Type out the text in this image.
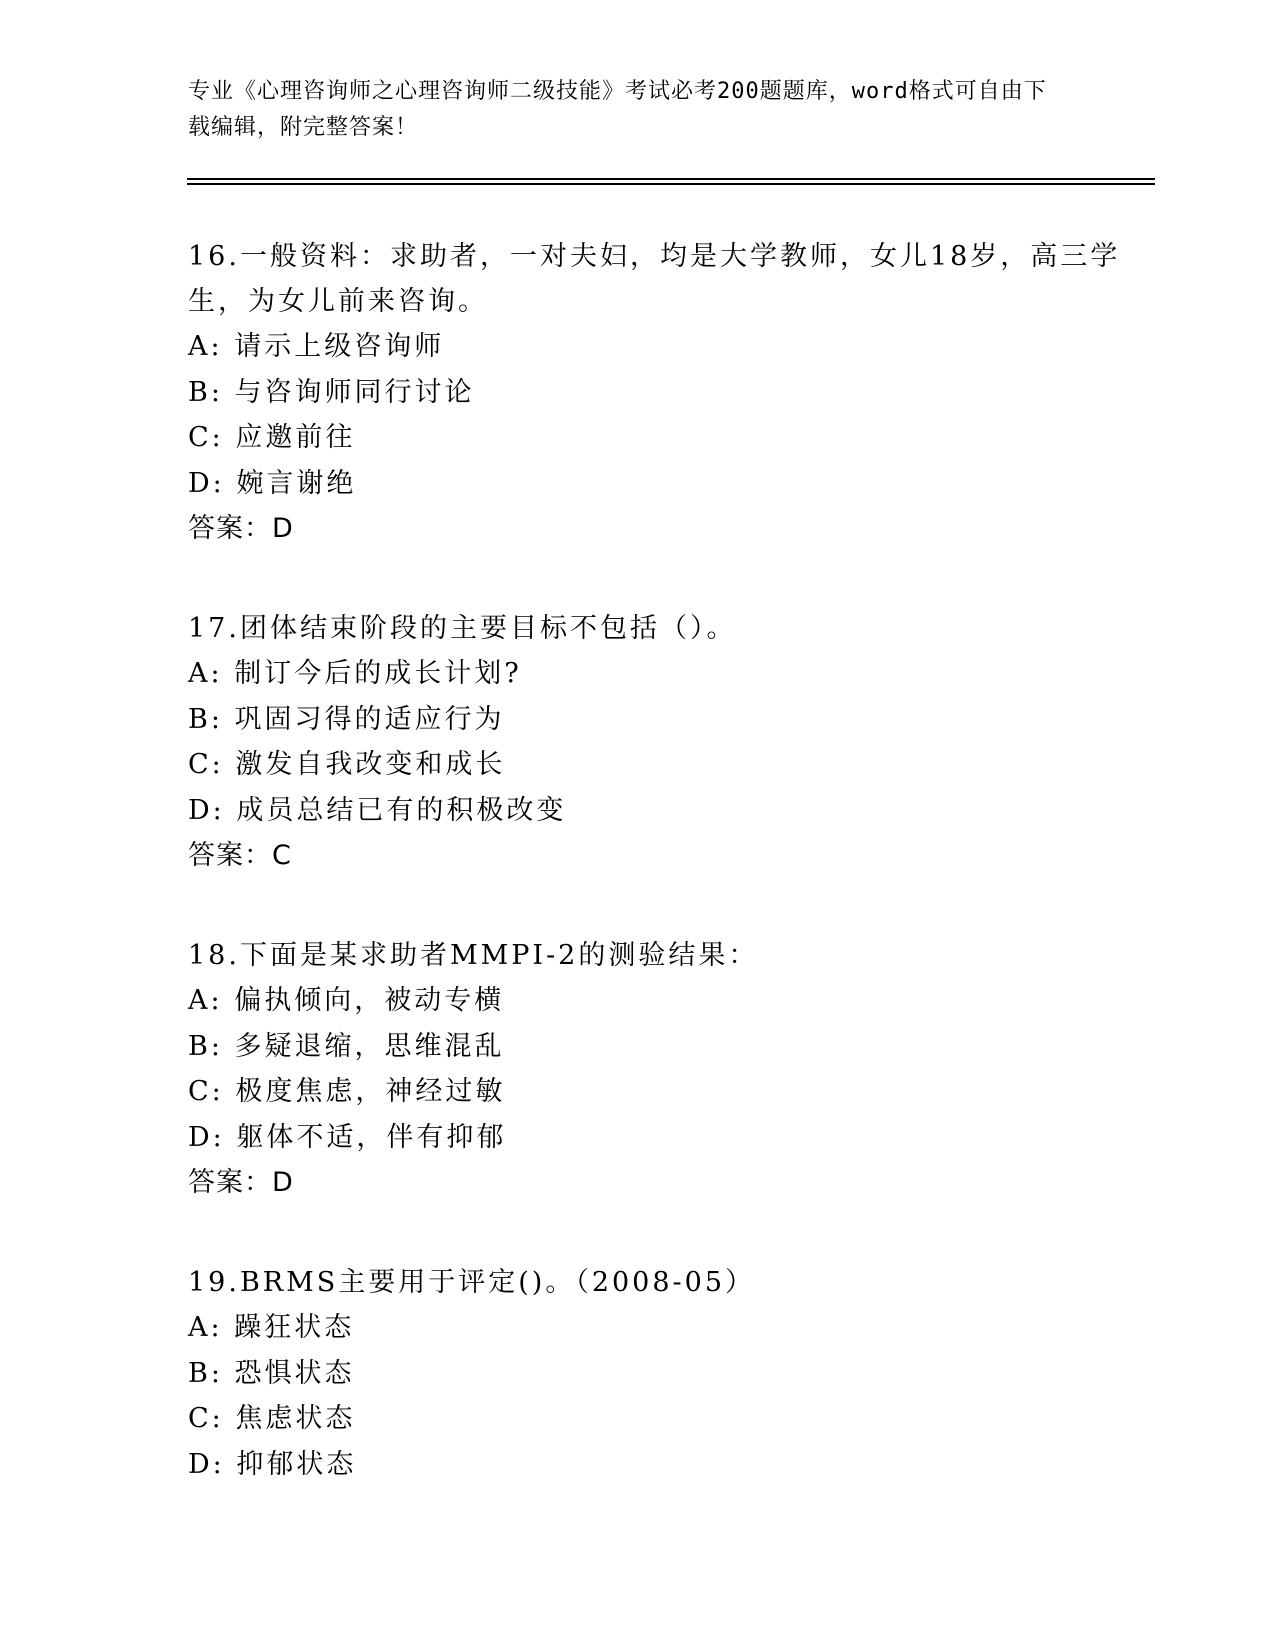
专业《心理咨询师之心理咨询师二级技能》考试必考200题题库，word格式可自由下载编辑，附完整答案！
16.一般资料：求助者，一对夫妇，均是大学教师，女儿18岁，高三学生，为女儿前来咨询。
A: 请示上级咨询师
B: 与咨询师同行讨论
C: 应邀前往
D: 婉言谢绝
答案：D
17.团体结束阶段的主要目标不包括（）。
A: 制订今后的成长计划?
B: 巩固习得的适应行为
C: 激发自我改变和成长
D: 成员总结已有的积极改变
答案：C
18.下面是某求助者MMPI-2的测验结果：
A: 偏执倾向，被动专横
B: 多疑退缩，思维混乱
C: 极度焦虑，神经过敏
D: 躯体不适，伴有抑郁
答案：D
19.BRMS主要用于评定()。（2008-05）
A: 躁狂状态
B: 恐惧状态
C: 焦虑状态
D: 抑郁状态
